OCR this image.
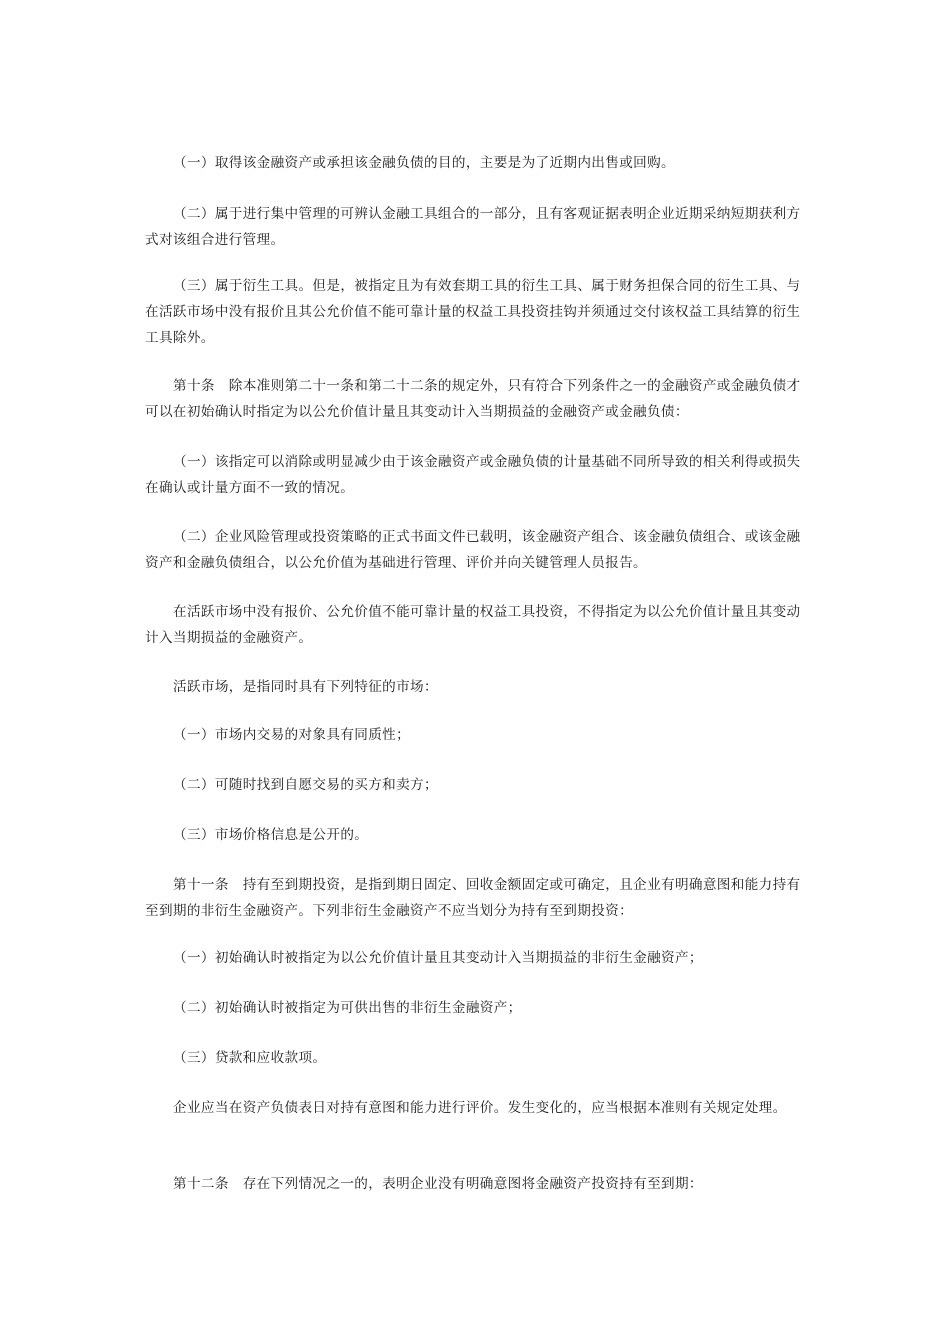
（一）取得该金融资产或承担该金融负债的目的，主要是为了近期内出售或回购。

（二）属于进行集中管理的可辨认金融工具组合的一部分，且有客观证据表明企业近期采纳短期获利方式对该组合进行管理。

（三）属于衍生工具。但是，被指定且为有效套期工具的衍生工具、属于财务担保合同的衍生工具、与在活跃市场中没有报价且其公允价值不能可靠计量的权益工具投资挂钩并须通过交付该权益工具结算的衍生工具除外。

第十条　除本准则第二十一条和第二十二条的规定外，只有符合下列条件之一的金融资产或金融负债才可以在初始确认时指定为以公允价值计量且其变动计入当期损益的金融资产或金融负债：

（一）该指定可以消除或明显减少由于该金融资产或金融负债的计量基础不同所导致的相关利得或损失在确认或计量方面不一致的情况。

（二）企业风险管理或投资策略的正式书面文件已载明，该金融资产组合、该金融负债组合、或该金融资产和金融负债组合，以公允价值为基础进行管理、评价并向关键管理人员报告。

在活跃市场中没有报价、公允价值不能可靠计量的权益工具投资，不得指定为以公允价值计量且其变动计入当期损益的金融资产。

活跃市场，是指同时具有下列特征的市场：

（一）市场内交易的对象具有同质性；

（二）可随时找到自愿交易的买方和卖方；

（三）市场价格信息是公开的。

第十一条　持有至到期投资，是指到期日固定、回收金额固定或可确定，且企业有明确意图和能力持有至到期的非衍生金融资产。下列非衍生金融资产不应当划分为持有至到期投资：

（一）初始确认时被指定为以公允价值计量且其变动计入当期损益的非衍生金融资产；

（二）初始确认时被指定为可供出售的非衍生金融资产；

（三）贷款和应收款项。

企业应当在资产负债表日对持有意图和能力进行评价。发生变化的，应当根据本准则有关规定处理。

第十二条　存在下列情况之一的，表明企业没有明确意图将金融资产投资持有至到期：
